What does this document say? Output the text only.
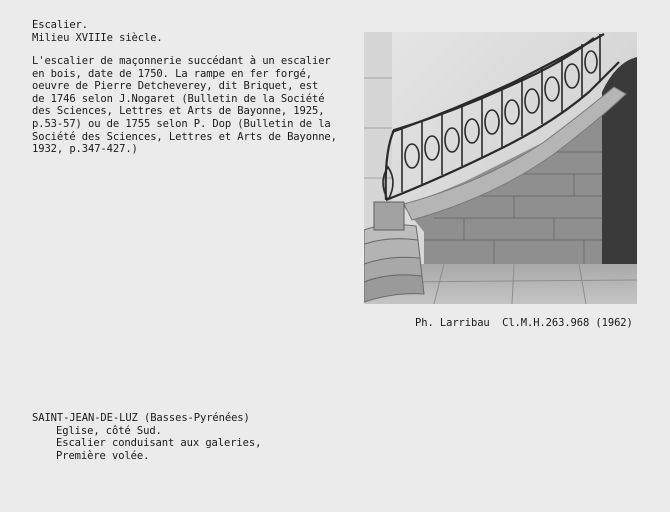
Escalier.
Milieu XVIIIe siècle.
L'escalier de maçonnerie succédant à un escalier
en bois, date de 1750. La rampe en fer forgé,
oeuvre de Pierre Detcheverey, dit Briquet, est
de 1746 selon J.Nogaret (Bulletin de la Société
des Sciences, Lettres et Arts de Bayonne, 1925,
p.53-57) ou de 1755 selon P. Dop (Bulletin de la
Société des Sciences, Lettres et Arts de Bayonne,
1932, p.347-427.)
Ph. Larribau  Cl.M.H.263.968 (1962)
SAINT-JEAN-DE-LUZ (Basses-Pyrénées)
Eglise, côté Sud.
Escalier conduisant aux galeries,
Première volée.
